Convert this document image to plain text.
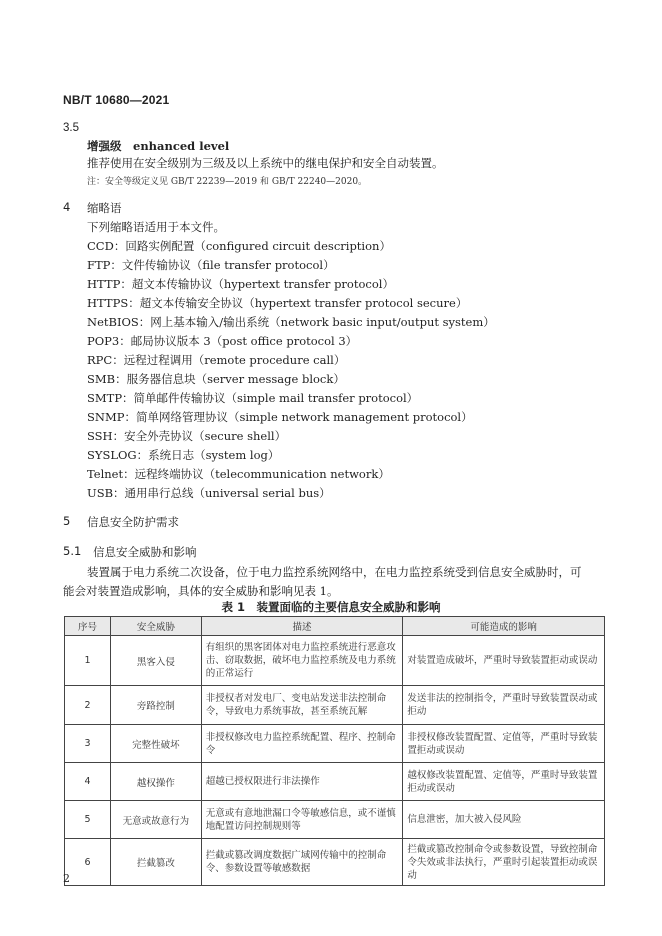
NB/T 10680—2021
3.5
增强级　enhanced level
推荐使用在安全级别为三级及以上系统中的继电保护和安全自动装置。
注：安全等级定义见 GB/T 22239—2019 和 GB/T 22240—2020。
4 缩略语
下列缩略语适用于本文件。
CCD：回路实例配置（configured circuit description）
FTP：文件传输协议（file transfer protocol）
HTTP：超文本传输协议（hypertext transfer protocol）
HTTPS：超文本传输安全协议（hypertext transfer protocol secure）
NetBIOS：网上基本输入/输出系统（network basic input/output system）
POP3：邮局协议版本 3（post office protocol 3）
RPC：远程过程调用（remote procedure call）
SMB：服务器信息块（server message block）
SMTP：简单邮件传输协议（simple mail transfer protocol）
SNMP：简单网络管理协议（simple network management protocol）
SSH：安全外壳协议（secure shell）
SYSLOG：系统日志（system log）
Telnet：远程终端协议（telecommunication network）
USB：通用串行总线（universal serial bus）
5 信息安全防护需求
5.1 信息安全威胁和影响
装置属于电力系统二次设备，位于电力监控系统网络中，在电力监控系统受到信息安全威胁时，可
能会对装置造成影响，具体的安全威胁和影响见表 1。
表 1　装置面临的主要信息安全威胁和影响
序号	安全威胁	描述	可能造成的影响
1	黑客入侵	有组织的黑客团体对电力监控系统进行恶意攻击、窃取数据，破坏电力监控系统及电力系统的正常运行	对装置造成破坏，严重时导致装置拒动或误动
2	旁路控制	非授权者对发电厂、变电站发送非法控制命令，导致电力系统事故，甚至系统瓦解	发送非法的控制指令，严重时导致装置误动或拒动
3	完整性破坏	非授权修改电力监控系统配置、程序、控制命令	非授权修改装置配置、定值等，严重时导致装置拒动或误动
4	越权操作	超越已授权限进行非法操作	越权修改装置配置、定值等，严重时导致装置拒动或误动
5	无意或故意行为	无意或有意地泄漏口令等敏感信息，或不谨慎地配置访问控制规则等	信息泄密，加大被入侵风险
6	拦截篡改	拦截或篡改调度数据广域网传输中的控制命令、参数设置等敏感数据	拦截或篡改控制命令或参数设置，导致控制命令失效或非法执行，严重时引起装置拒动或误动
2
